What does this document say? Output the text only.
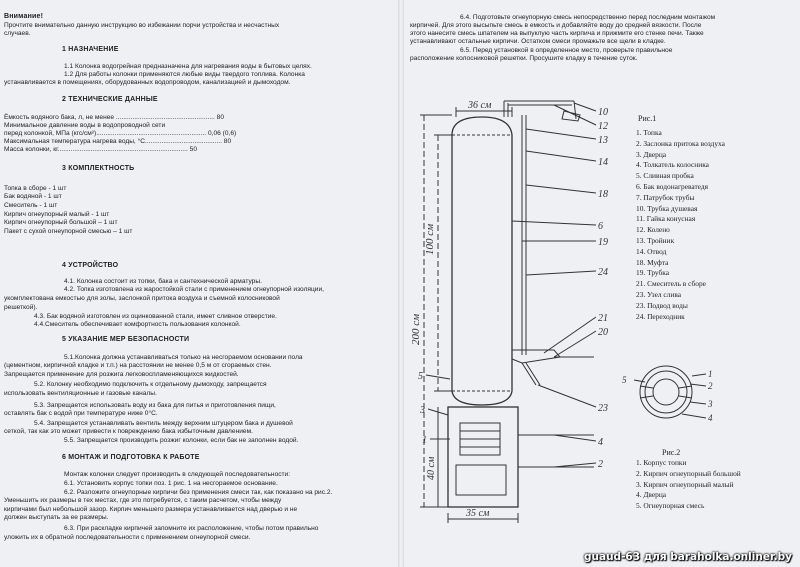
Внимание!
Прочтите внимательно данную инструкцию во избежании порчи устройства и несчастных
случаев.
1 НАЗНАЧЕНИЕ
1.1 Колонка водогрейная предназначена для нагревания воды в бытовых целях.
1.2 Для работы колонки применяются любые виды твердого топлива. Колонка
устанавливается в помещениях, оборудованных водопроводом, канализацией и дымоходом.
2 ТЕХНИЧЕСКИЕ ДАННЫЕ
Ёмкость водяного бака, л, не менее ...................................................... 80
Минимальное давление воды в водопроводной сети
перед колонкой, МПа (кгс/см²)............................................................ 0,06 (0,6)
Максимальная температура нагрева воды, °С.......................................... 80
Масса колонки, кг....................................................................... 50
3 КОМПЛЕКТНОСТЬ
Топка в сборе - 1 шт
Бак водяной - 1 шт
Смеситель - 1 шт
Кирпич огнеупорный малый - 1 шт
Кирпич огнеупорный большой – 1 шт
Пакет с сухой огнеупорной смесью – 1 шт
4 УСТРОЙСТВО
4.1. Колонка состоит из топки, бака и сантехнической арматуры.
4.2. Топка изготовлена из жаростойкой стали с применением огнеупорной изоляции,
укомплектована емкостью для золы, заслонкой притока воздуха и съемной колосниковой
решеткой).
4.3. Бак водяной изготовлен из оцинкованной стали, имеет сливное отверстие.
4.4.Смеситель обеспечивает комфортность пользования колонкой.
5 УКАЗАНИЕ МЕР БЕЗОПАСНОСТИ
5.1.Колонка должна устанавливаться только на несгораемом основании пола
(цементном, кирпичной кладке и т.п.) на расстоянии не менее 0,5 м от сгораемых стен.
Запрещается применение для розжига легковоспламеняющихся жидкостей.
5.2. Колонку необходимо подключить к отдельному дымоходу, запрещается
использовать вентиляционные и газовые каналы.
5.3. Запрещается использовать воду из бака для питья и приготовления пищи,
оставлять бак с водой при температуре ниже 0°С.
5.4. Запрещается устанавливать вентиль между верхним штуцером бака и душевой
сеткой, так как это может привести к повреждению бака избыточным давлением.
5.5. Запрещается производить розжиг колонки, если бак не заполнен водой.
6 МОНТАЖ И ПОДГОТОВКА К РАБОТЕ
Монтаж колонки следует производить в следующей последовательности:
6.1. Установить корпус топки поз. 1 рис. 1 на несгораемое основание.
6.2. Разложите огнеупорные кирпичи без применения смеси так, как показано на рис.2.
Уменьшить их размеры в тех местах, где это потребуется, с таким расчетом, чтобы между
кирпичами был небольшой зазор. Кирпич меньшего размера устанавливается над дверью и не
должен выступать за ее размеры.
6.3. При раскладке кирпичей запомните их расположение, чтобы потом правильно
уложить их в обратной последовательности с применением огнеупорной смеси.
6.4. Подготовьте огнеупорную смесь непосредственно перед последним монтажом
кирпичей. Для этого высыпьте смесь в емкость и добавляйте воду до средней вязкости. После
этого нанесите смесь шпателем на выпуклую часть кирпича и прижмите его стенке печи. Также
устанавливают остальные кирпичи. Остатком смеси промажьте все щели в кладке.
6.5. Перед установкой в определенное место, проверьте правильное
расположение колосниковой решетки. Просушите кладку в течение суток.
36 см
35 см
100 см
200 см
40 см
10
12
13
14
18
6
19
24
21
20
23
4
2
5
3
1
Рис.1
1. Топка
2. Заслонка притока воздуха
3. Дверца
4. Толкатель колосника
5. Сливная пробка
6. Бак водонагреватедя
7. Патрубок трубы
10. Трубка душевая
11. Гайка конусная
12. Колено
13. Тройник
14. Отвод
18. Муфта
19. Трубка
21. Смеситель в сборе
23. Узел слива
23. Подвод воды
24. Переходник
5
1
2
3
4
Рис.2
1. Корпус топки
2. Кирпич огнеупорный большой
3. Кирпич огнеупорный малый
4. Дверца
5. Огнеупорная смесь
guaud-63 для baraholka.onliner.by
